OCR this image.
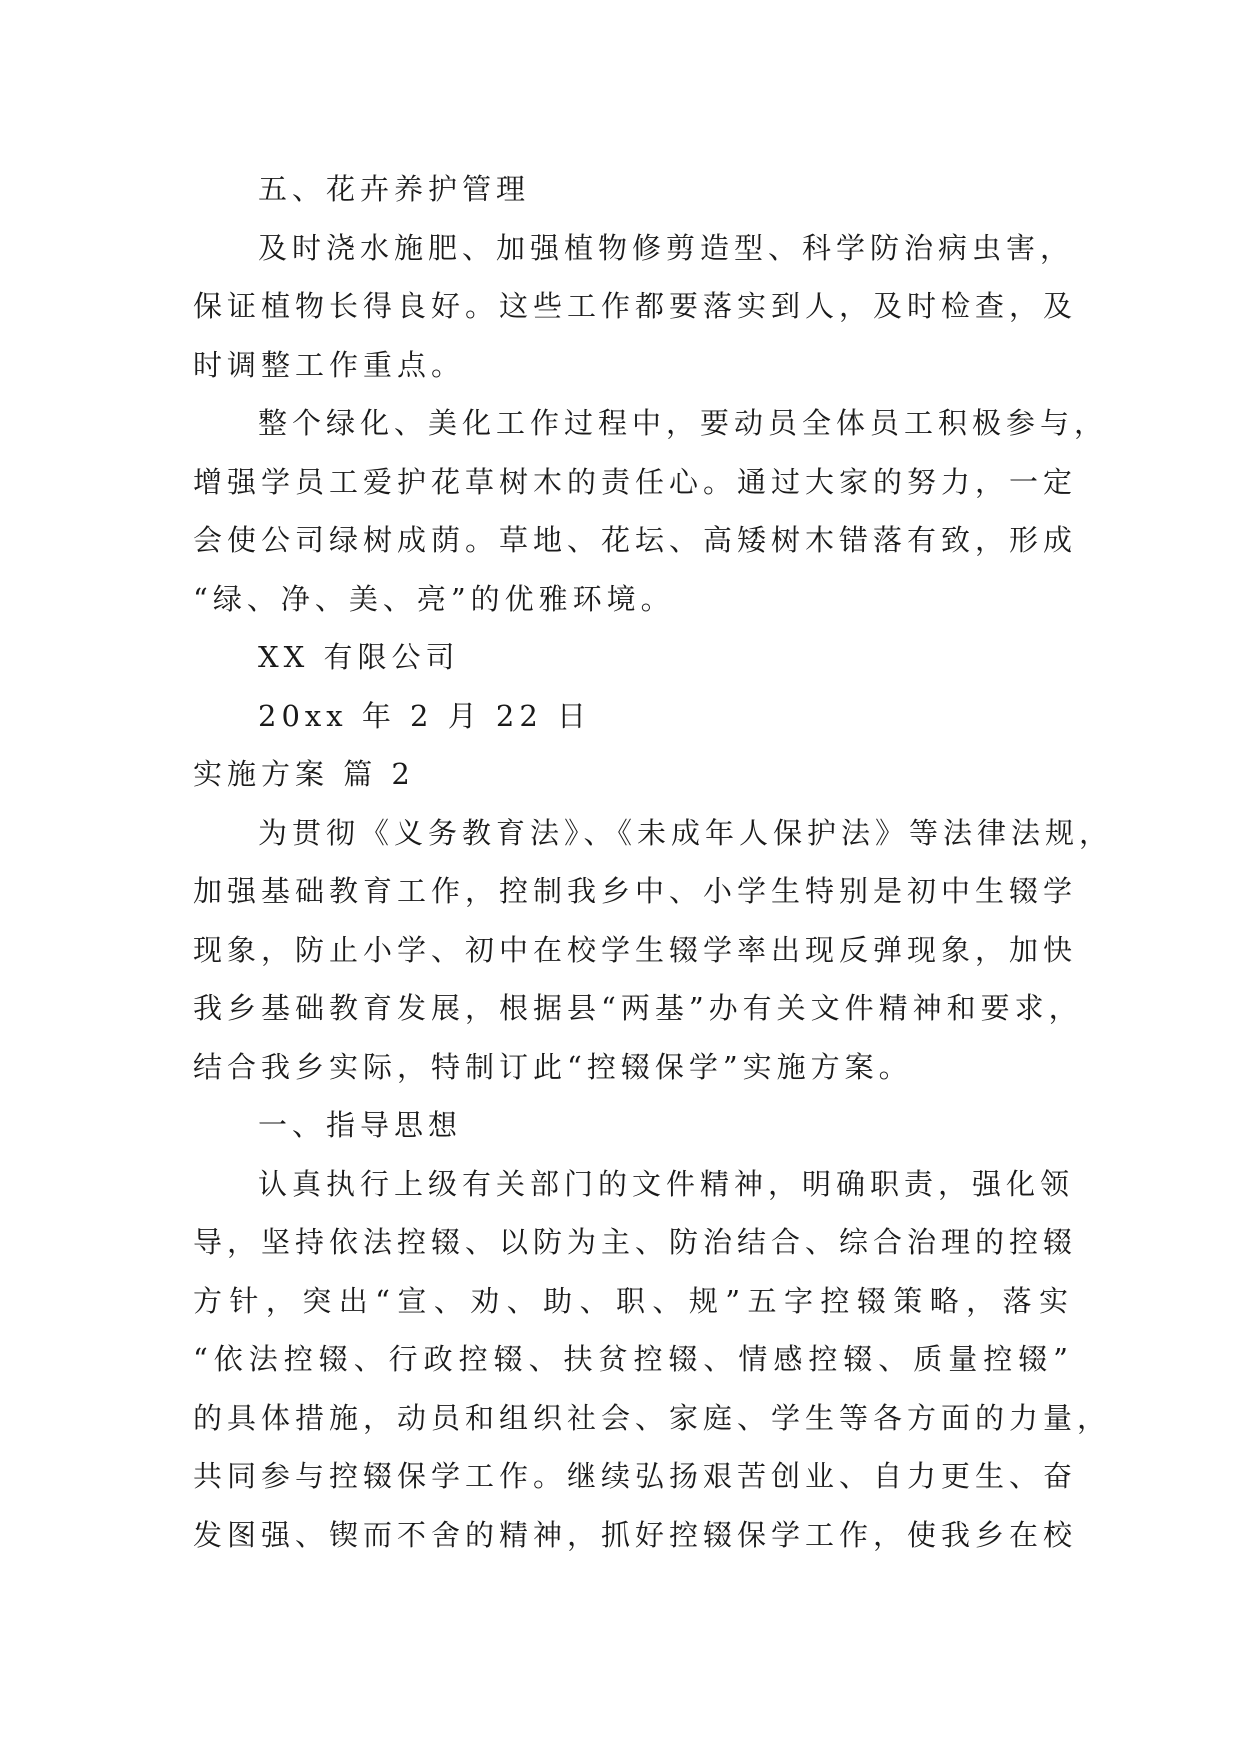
五、花卉养护管理
及时浇水施肥、加强植物修剪造型、科学防治病虫害，
保证植物长得良好。这些工作都要落实到人，及时检查，及
时调整工作重点。
整个绿化、美化工作过程中，要动员全体员工积极参与，
增强学员工爱护花草树木的责任心。通过大家的努力，一定
会使公司绿树成荫。草地、花坛、高矮树木错落有致，形成
“绿、净、美、亮”的优雅环境。
XX 有限公司
20xx 年 2 月 22 日
实施方案 篇 2
为贯彻《义务教育法》、《未成年人保护法》等法律法规，
加强基础教育工作，控制我乡中、小学生特别是初中生辍学
现象，防止小学、初中在校学生辍学率出现反弹现象，加快
我乡基础教育发展，根据县“两基”办有关文件精神和要求，
结合我乡实际，特制订此“控辍保学”实施方案。
一、指导思想
认真执行上级有关部门的文件精神，明确职责，强化领
导，坚持依法控辍、以防为主、防治结合、综合治理的控辍
方针，突出“宣、劝、助、职、规”五字控辍策略，落实
“依法控辍、行政控辍、扶贫控辍、情感控辍、质量控辍”
的具体措施，动员和组织社会、家庭、学生等各方面的力量，
共同参与控辍保学工作。继续弘扬艰苦创业、自力更生、奋
发图强、锲而不舍的精神，抓好控辍保学工作，使我乡在校
